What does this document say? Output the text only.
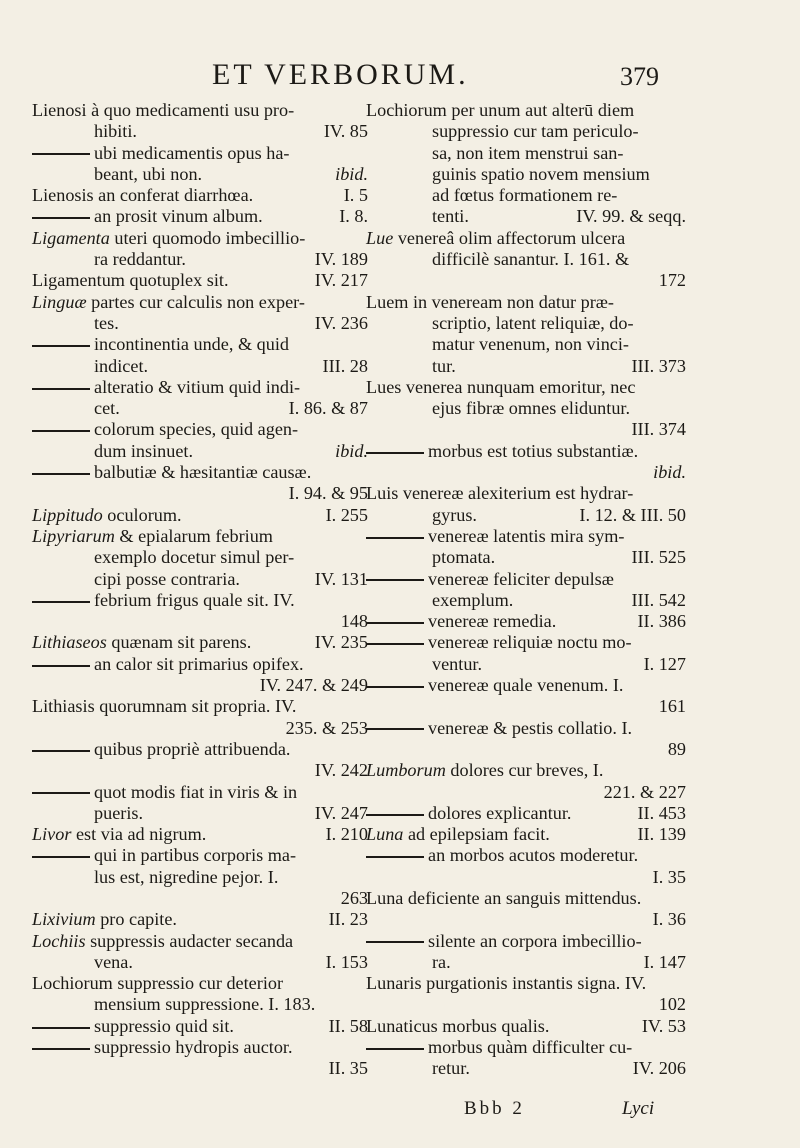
ET VERBORUM.	379
Lienosi à quo medicamenti usu pro-
hibiti.	IV. 85
ubi medicamentis opus ha-
beant, ubi non.	ibid.
Lienosis an conferat diarrhœa.	I. 5
an prosit vinum album.	I. 8.
Ligamenta uteri quomodo imbecillio-
ra reddantur.	IV. 189
Ligamentum quotuplex sit.	IV. 217
Linguæ partes cur calculis non exper-
tes.	IV. 236
incontinentia unde, & quid
indicet.	III. 28
alteratio & vitium quid indi-
cet.	I. 86. & 87
colorum species, quid agen-
dum insinuet.	ibid.
balbutiæ & hæsitantiæ causæ.
I. 94. & 95
Lippitudo oculorum.	I. 255
Lipyriarum & epialarum febrium
exemplo docetur simul per-
cipi posse contraria.	IV. 131
febrium frigus quale sit. IV.
148
Lithiaseos quænam sit parens.	IV. 235
an calor sit primarius opifex.
IV. 247. & 249
Lithiasis quorumnam sit propria. IV.
235. & 253
quibus propriè attribuenda.
IV. 242
quot modis fiat in viris & in
pueris.	IV. 247
Livor est via ad nigrum.	I. 210
qui in partibus corporis ma-
lus est, nigredine pejor. I.
263
Lixivium pro capite.	II. 23
Lochiis suppressis audacter secanda
vena.	I. 153
Lochiorum suppressio cur deterior
mensium suppressione. I. 183.
suppressio quid sit.	II. 58
suppressio hydropis auctor.
II. 35
Lochiorum per unum aut alterū diem
suppressio cur tam periculo-
sa, non item menstrui san-
guinis spatio novem mensium
ad fœtus formationem re-
tenti.	IV. 99. & seqq.
Lue venereâ olim affectorum ulcera
difficilè sanantur. I. 161. &
172
Luem in veneream non datur præ-
scriptio, latent reliquiæ, do-
matur venenum, non vinci-
tur.	III. 373
Lues venerea nunquam emoritur, nec
ejus fibræ omnes eliduntur.
III. 374
morbus est totius substantiæ.
ibid.
Luis venereæ alexiterium est hydrar-
gyrus.	I. 12. & III. 50
venereæ latentis mira sym-
ptomata.	III. 525
venereæ feliciter depulsæ
exemplum.	III. 542
venereæ remedia.	II. 386
venereæ reliquiæ noctu mo-
ventur.	I. 127
venereæ quale venenum. I.
161
venereæ & pestis collatio. I.
89
Lumborum dolores cur breves, I.
221. & 227
dolores explicantur.	II. 453
Luna ad epilepsiam facit.	II. 139
an morbos acutos moderetur.
I. 35
Luna deficiente an sanguis mittendus.
I. 36
silente an corpora imbecillio-
ra.	I. 147
Lunaris purgationis instantis signa. IV.
102
Lunaticus morbus qualis.	IV. 53
morbus quàm difficulter cu-
retur.	IV. 206
Bbb 2	Lyci
